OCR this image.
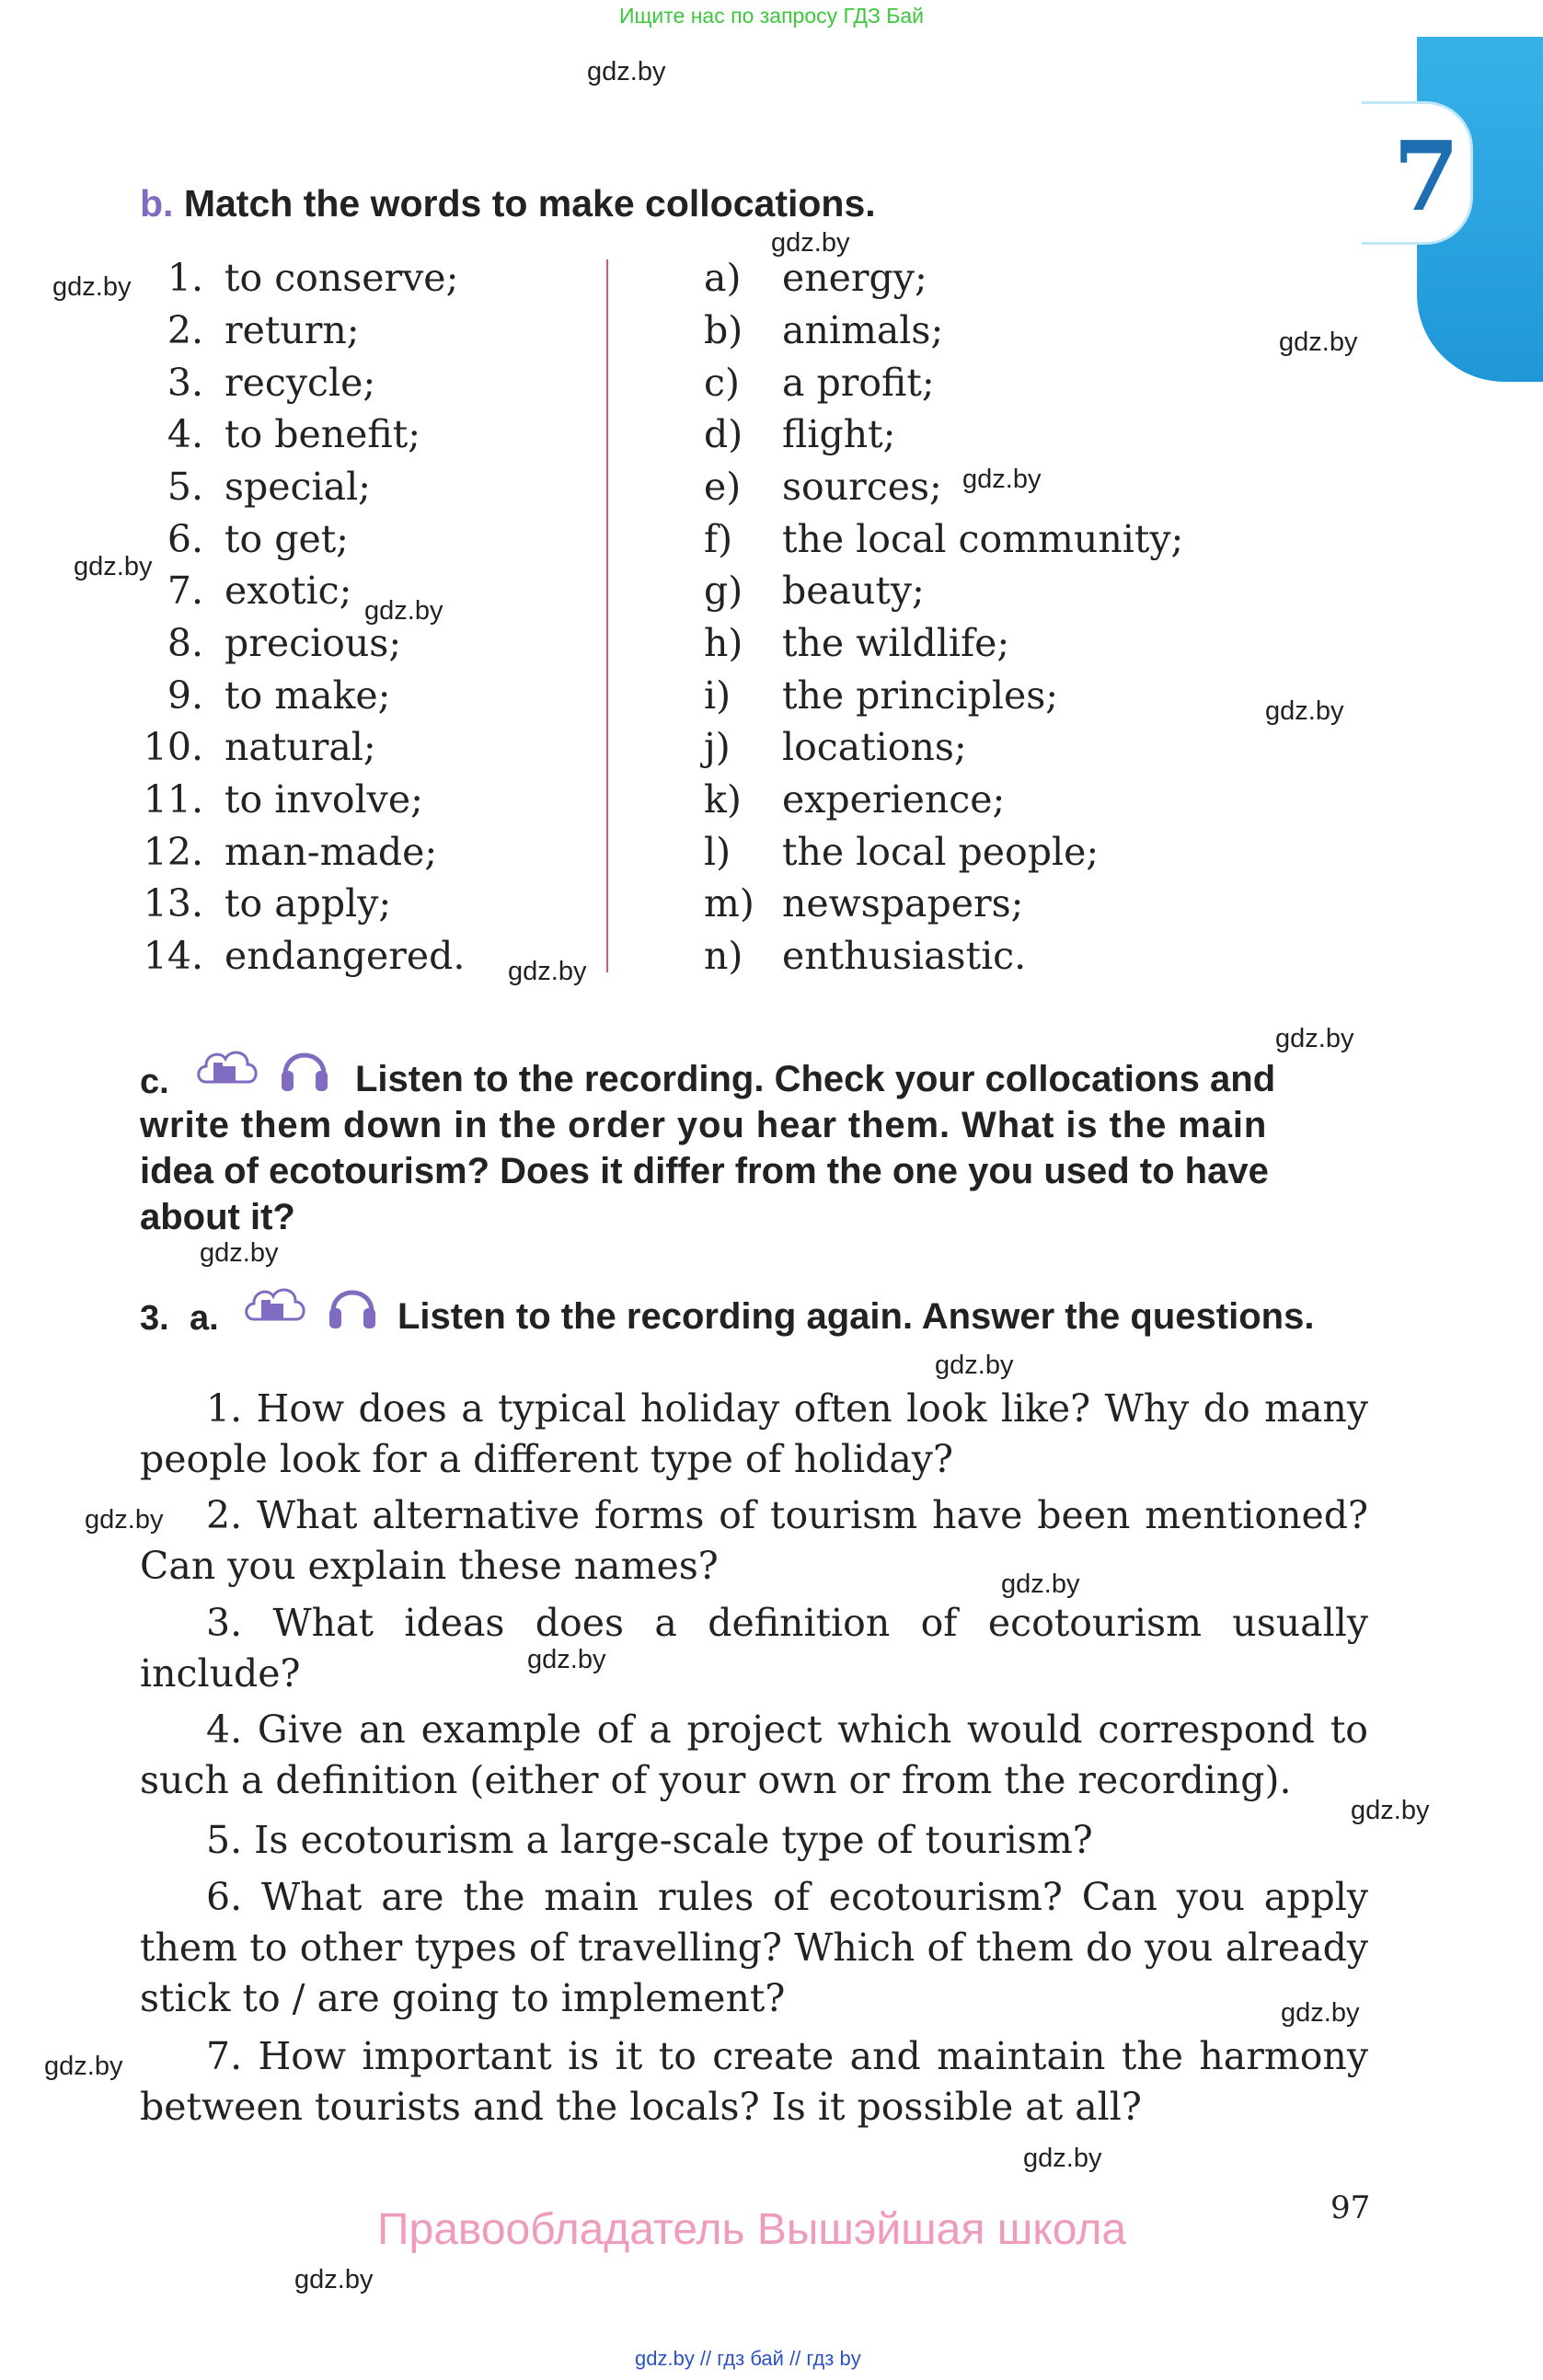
Ищите нас по запросу ГДЗ Бай
7
gdz.by
gdz.by
gdz.by
gdz.by
gdz.by
gdz.by
gdz.by
gdz.by
gdz.by
gdz.by
gdz.by
gdz.by
gdz.by
gdz.by
gdz.by
gdz.by
gdz.by
gdz.by
gdz.by
gdz.by
b. Match the words to make collocations.
1. to conserve;
2. return;
3. recycle;
4. to benefit;
5. special;
6. to get;
7. exotic;
8. precious;
9. to make;
10. natural;
11. to involve;
12. man-made;
13. to apply;
14. endangered.
a) energy;
b) animals;
c) a profit;
d) flight;
e) sources;
f) the local community;
g) beauty;
h) the wildlife;
i) the principles;
j) locations;
k) experience;
l) the local people;
m) newspapers;
n) enthusiastic.
c.	Listen to the recording. Check your collocations and
write them down in the order you hear them. What is the main
idea of ecotourism? Does it differ from the one you used to have
about it?
3. a.	Listen to the recording again. Answer the questions.
1. How does a typical holiday often look like? Why do many people look for a different type of holiday?
2. What alternative forms of tourism have been mentioned? Can you explain these names?
3. What ideas does a definition of ecotourism usually include?
4. Give an example of a project which would correspond to such a definition (either of your own or from the recording).
5. Is ecotourism a large-scale type of tourism?
6. What are the main rules of ecotourism? Can you apply them to other types of travelling? Which of them do you already stick to / are going to implement?
7. How important is it to create and maintain the harmony between tourists and the locals? Is it possible at all?
97
Правообладатель Вышэйшая школа
gdz.by // гдз бай // гдз by
